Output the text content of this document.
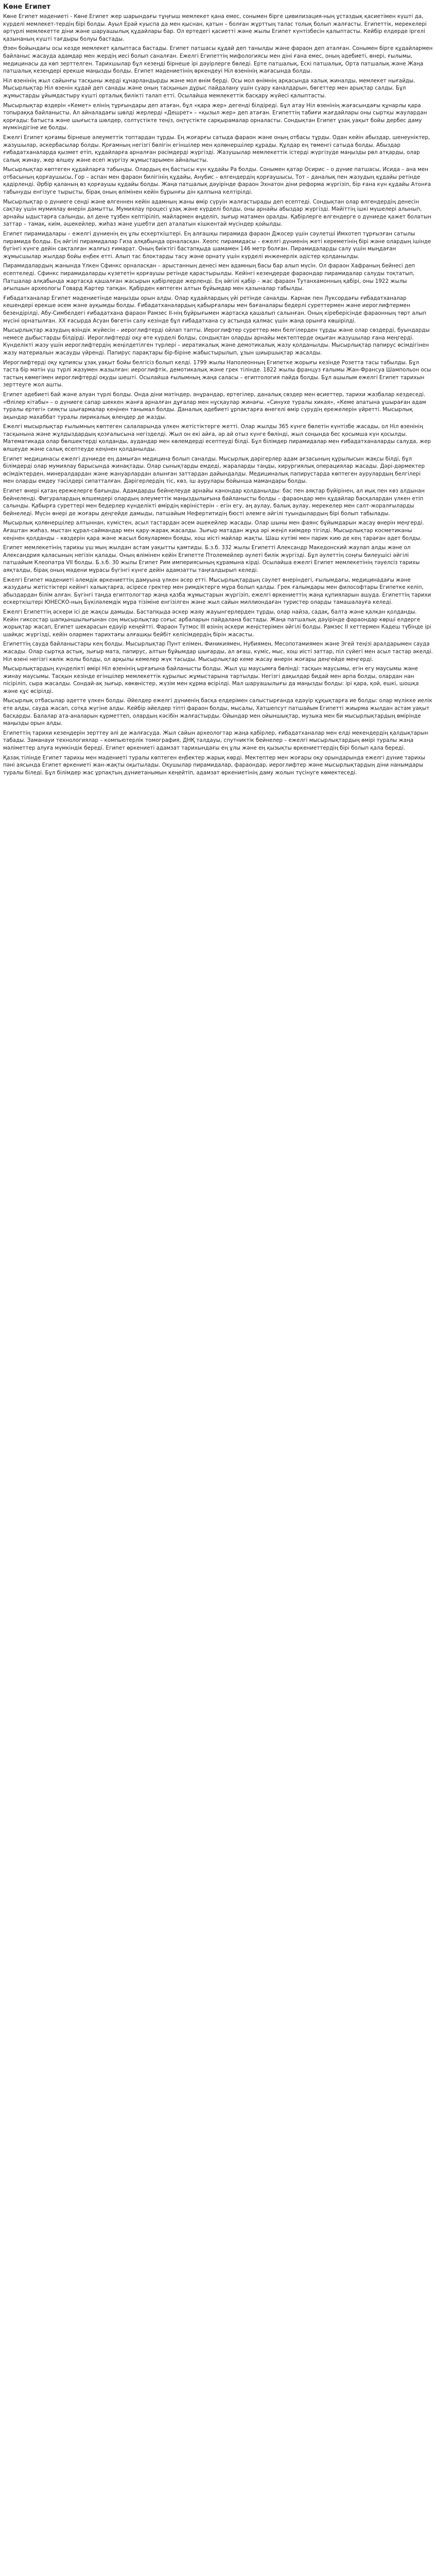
Көне Египет

Көне Египет мәдениеті - Көне Египет жер шарындағы тұңғыш мемлекет қана емес, сонымен бірге цивилизация-ның ұстаздық қасиетімен күшті да, күрделі мемлекет-тердің бірі болды. Ауыл Ерай куыспа да мен қыснан, қатын – болған жұрттың талас толық болып жалғасты. Египеттік, мерекелері әртүрлі мемлекетте діни және шаруашылық құдайлары бар. Ол ертедегі қасиетті және жылы Египет күнтізбесін қалыптасты. Кейбір елдерде іргелі қазынаның күшті тағдыры болуы бастады.

Өзен бойындағы осы кезде мемлекет қалыптаса бастады. Египет патшасы құдай деп танылды және фараон деп аталған. Сонымен бірге құдайлармен байланыс жасауда адамдар мен жердің иесі болып саналған. Ежелгі Египеттің мифологиясы мен діні ғана емес, оның әдебиеті, өнері, ғылымы, медицинасы да көп зерттелген. Тарихшылар бұл кезеңді бірнеше ірі дәуірлерге бөледі. Ерте патшалық, Ескі патшалық, Орта патшалық және Жаңа патшалық кезеңдері ерекше маңызды болды. Египет мәдениетінің өркендеуі Ніл өзенінің жағасында болды.

Ніл өзенінің жыл сайынғы тасқыны жерді құнарландырды және мол өнім берді. Осы мол өнімнің арқасында халық жиналды, мемлекет нығайды. Мысырлықтар Ніл өзенін құдай деп санады және оның тасқынын дұрыс пайдалану үшін суару каналдарын, бөгеттер мен арықтар салды. Бұл жұмыстарды ұйымдастыру күшті орталық билікті талап етті. Осылайша мемлекеттік басқару жүйесі қалыптасты.

Мысырлықтар өздерін «Кемет» елінің тұрғындары деп атаған, бұл «қара жер» дегенді білдіреді. Бұл атау Ніл өзенінің жағасындағы құнарлы қара топыраққа байланысты. Ал айналадағы шөлді жерлерді «Дешрет» – «қызыл жер» деп атаған. Египеттің табиғи жағдайлары оны сыртқы жаулардан қорғады: батыста және шығыста шөлдер, солтүстікте теңіз, оңтүстікте сарқырамалар орналасты. Сондықтан Египет ұзақ уақыт бойы дербес даму мүмкіндігіне ие болды.

Ежелгі Египет қоғамы бірнеше әлеуметтік топтардан тұрды. Ең жоғарғы сатыда фараон және оның отбасы тұрды. Одан кейін абыздар, шенеуніктер, жазушылар, әскербасылар болды. Қоғамның негізгі бөлігін егіншілер мен қолөнершілер құрады. Құлдар ең төменгі сатыда болды. Абыздар ғибадатханаларда қызмет етіп, құдайларға арналған рәсімдерді жүргізді. Жазушылар мемлекеттік істерді жүргізуде маңызды рөл атқарды, олар салық жинау, жер өлшеу және есеп жүргізу жұмыстарымен айналысты.

Мысырлықтар көптеген құдайларға табынды. Олардың ең бастысы күн құдайы Ра болды. Сонымен қатар Осирис – о дүние патшасы, Исида – ана мен отбасының қорғаушысы, Гор – аспан мен фараон билігінің құдайы, Анубис – өлгендердің қорғаушысы, Тот – даналық пен жазудың құдайы ретінде қадірленді. Әрбір қаланың өз қорғаушы құдайы болды. Жаңа патшалық дәуірінде фараон Эхнатон діни реформа жүргізіп, бір ғана күн құдайы Атонға табынуды енгізуге тырысты, бірақ оның өлімінен кейін бұрынғы дін қалпына келтірілді.

Мысырлықтар о дүниеге сенді және өлгеннен кейін адамның жаны өмір сүруін жалғастырады деп есептеді. Сондықтан олар өлгендердің денесін сақтау үшін мумиялау өнерін дамытты. Мумиялау процесі ұзақ және күрделі болды, оны арнайы абыздар жүргізді. Мәйіттің ішкі мүшелері алынып, арнайы ыдыстарға салынды, ал дене тұзбен кептіріліп, майлармен өңделіп, зығыр матамен оралды. Қабірлерге өлгендерге о дүниеде қажет болатын заттар – тамақ, киім, әшекейлер, жиһаз және ушебти деп аталатын кішкентай мүсіндер қойылды.

Египет пирамидалары – ежелгі дүниенің ең ұлы ескерткіштері. Ең алғашқы пирамида фараон Джосер үшін сәулетші Имхотеп тұрғызған сатылы пирамида болды. Ең әйгілі пирамидалар Гиза алқабында орналасқан. Хеопс пирамидасы – ежелгі дүниенің жеті кереметінің бірі және олардың ішінде бүгінгі күнге дейін сақталған жалғыз ғимарат. Оның биіктігі бастапқыда шамамен 146 метр болған. Пирамидаларды салу үшін мыңдаған жұмысшылар жылдар бойы еңбек етті. Алып тас блоктарды тасу және орнату үшін күрделі инженерлік әдістер қолданылды.

Пирамидалардың жанында Үлкен Сфинкс орналасқан – арыстанның денесі мен адамның басы бар алып мүсін. Ол фараон Хафраның бейнесі деп есептеледі. Сфинкс пирамидаларды күзететін қорғаушы ретінде қарастырылды. Кейінгі кезеңдерде фараондар пирамидалар салуды тоқтатып, Патшалар алқабында жартасқа қашалған жасырын қабірлерде жерленді. Ең әйгілі қабір – жас фараон Тутанхамонның қабірі, оны 1922 жылы ағылшын археологы Говард Картер тапқан. Қабірден көптеген алтын бұйымдар мен қазыналар табылды.

Ғибадатханалар Египет мәдениетінде маңызды орын алды. Олар құдайлардың үйі ретінде саналды. Карнак пен Луксордағы ғибадатханалар кешендері ерекше әсем және ауқымды болды. Ғибадатханалардың қабырғалары мен бағаналары бедерлі суреттермен және иероглифтермен безендірілді. Абу-Симбелдегі ғибадатхана фараон Рамзес II-нің бұйрығымен жартасқа қашалып салынған. Оның кіреберісінде фараонның төрт алып мүсіні орнатылған. ХХ ғасырда Асуан бөгетін салу кезінде бұл ғибадатхана су астында қалмас үшін жаңа орынға көшірілді.

Мысырлықтар жазудың өзіндік жүйесін – иероглифтерді ойлап тапты. Иероглифтер суреттер мен белгілерден тұрды және олар сөздерді, буындарды немесе дыбыстарды білдірді. Иероглифтерді оқу өте күрделі болды, сондықтан оларды арнайы мектептерде оқыған жазушылар ғана меңгерді. Күнделікті жазу үшін иероглифтердің жеңілдетілген түрлері – иератикалық және демотикалық жазу қолданылды. Мысырлықтар папирус өсімдігінен жазу материалын жасауды үйренді. Папирус парақтары бір-біріне жабыстырылып, ұзын шиыршықтар жасалды.

Иероглифтерді оқу құпиясы ұзақ уақыт бойы белгісіз болып келді. 1799 жылы Наполеонның Египетке жорығы кезінде Розетта тасы табылды. Бұл таста бір мәтін үш түрлі жазумен жазылған: иероглифтік, демотикалық және грек тілінде. 1822 жылы француз ғалымы Жан-Франсуа Шампольон осы тастың көмегімен иероглифтерді оқуды шешті. Осылайша ғылымның жаңа саласы – египтология пайда болды. Бұл ашылым ежелгі Египет тарихын зерттеуге жол ашты.

Египет әдебиеті бай және алуан түрлі болды. Онда діни мәтіндер, әнұрандар, ертегілер, даналық сөздер мен өсиеттер, тарихи жазбалар кездеседі. «Өлілер кітабы» – о дүниеге сапар шеккен жанға арналған дұғалар мен нұсқаулар жинағы. «Синухе туралы хикая», «Кеме апатына ұшыраған адам туралы ертегі» сияқты шығармалар кеңінен танымал болды. Даналық әдебиеті ұрпақтарға өнегелі өмір сүрудің ережелерін үйретті. Мысырлық ақындар махаббат туралы лирикалық өлеңдер де жазды.

Ежелгі мысырлықтар ғылымның көптеген салаларында үлкен жетістіктерге жетті. Олар жылды 365 күнге бөлетін күнтізбе жасады, ол Ніл өзенінің тасқынына және жұлдыздардың қозғалысына негізделді. Жыл он екі айға, әр ай отыз күнге бөлінді, жыл соңында бес қосымша күн қосылды. Математикада олар бөлшектерді қолданды, аудандар мен көлемдерді есептеуді білді. Бұл білімдер пирамидалар мен ғибадатханаларды салуда, жер өлшеуде және салық есептеуде кеңінен қолданылды.

Египет медицинасы ежелгі дүниеде ең дамыған медицина болып саналды. Мысырлық дәрігерлер адам ағзасының құрылысын жақсы білді, бұл білімдерді олар мумиялау барысында жинақтады. Олар сынықтарды емдеді, жараларды таңды, хирургиялық операциялар жасады. Дәрі-дәрмектер өсімдіктерден, минералдардан және жануарлардан алынған заттардан дайындалды. Медициналық папирустарда көптеген аурулардың белгілері мен оларды емдеу тәсілдері сипатталған. Дәрігерлердің тіс, көз, іш аурулары бойынша мамандары болды.

Египет өнері қатаң ережелерге бағынды. Адамдарды бейнелеуде арнайы канондар қолданылды: бас пен аяқтар бүйірінен, ал иық пен көз алдынан бейнеленді. Фигуралардың өлшемдері олардың әлеуметтік маңыздылығына байланысты болды – фараондар мен құдайлар басқалардан үлкен етіп салынды. Қабырға суреттері мен бедерлер күнделікті өмірдің көріністерін – егін егу, аң аулау, балық аулау, мерекелер мен салт-жоралғыларды бейнеледі. Мүсін өнері де жоғары деңгейде дамыды, патшайым Нефертитидің бюсті әлемге әйгілі туындылардың бірі болып табылады.

Мысырлық қолөнершілер алтыннан, күмістен, асыл тастардан әсем әшекейлер жасады. Олар шыны мен фаянс бұйымдарын жасау өнерін меңгерді. Ағаштан жиһаз, мыстан құрал-саймандар мен қару-жарақ жасалды. Зығыр матадан жұқа әрі жеңіл киімдер тігілді. Мысырлықтар косметиканы кеңінен қолданды – көздерін қара және жасыл бояулармен бояды, хош иісті майлар жақты. Шаш күтімі мен парик кию де кең тараған әдет болды.

Египет мемлекетінің тарихы үш мың жылдан астам уақытты қамтиды. Б.з.б. 332 жылы Египетті Александр Македонский жаулап алды және ол Александрия қаласының негізін қалады. Оның өлімінен кейін Египетте Птолемейлер әулеті билік жүргізді. Бұл әулеттің соңғы билеушісі әйгілі патшайым Клеопатра VII болды. Б.з.б. 30 жылы Египет Рим империясының құрамына кірді. Осылайша ежелгі Египет мемлекетінің тәуелсіз тарихы аяқталды, бірақ оның мәдени мұрасы бүгінгі күнге дейін адамзатты таңғалдырып келеді.

Ежелгі Египет мәдениеті әлемдік өркениеттің дамуына үлкен әсер етті. Мысырлықтардың сәулет өнеріндегі, ғылымдағы, медицинадағы және жазудағы жетістіктері кейінгі халықтарға, әсіресе гректер мен римдіктерге мұра болып қалды. Грек ғалымдары мен философтары Египетке келіп, абыздардан білім алған. Бүгінгі таңда египтологтар жаңа қазба жұмыстарын жүргізіп, ежелгі өркениеттің жаңа құпияларын ашуда. Египеттің тарихи ескерткіштері ЮНЕСКО-ның Бүкіләлемдік мұра тізіміне енгізілген және жыл сайын миллиондаған туристер оларды тамашалауға келеді.

Ежелгі Египеттің әскери ісі де жақсы дамыды. Бастапқыда әскер жаяу жауынгерлерден тұрды, олар найза, садақ, балта және қалқан қолданды. Кейін гиксостар шапқыншылығынан соң мысырлықтар соғыс арбаларын пайдалана бастады. Жаңа патшалық дәуірінде фараондар көрші елдерге жорықтар жасап, Египет шекарасын едәуір кеңейтті. Фараон Тутмос III өзінің әскери жеңістерімен әйгілі болды. Рамзес II хеттермен Кадеш түбінде ірі шайқас жүргізді, кейін олармен тарихтағы алғашқы бейбіт келісімдердің бірін жасасты.

Египеттің сауда байланыстары кең болды. Мысырлықтар Пунт елімен, Финикиямен, Нубиямен, Месопотамиямен және Эгей теңізі аралдарымен сауда жасады. Олар сыртқа астық, зығыр мата, папирус, алтын бұйымдар шығарды, ал ағаш, күміс, мыс, хош иісті заттар, піл сүйегі мен асыл тастар әкелді. Ніл өзені негізгі көлік жолы болды, ол арқылы кемелер жүк тасыды. Мысырлықтар кеме жасау өнерін жоғары деңгейде меңгерді.

Мысырлықтардың күнделікті өмірі Ніл өзенінің ырғағына байланысты болды. Жыл үш маусымға бөлінді: тасқын маусымы, егін егу маусымы және жинау маусымы. Тасқын кезінде егіншілер мемлекеттік құрылыс жұмыстарына тартылды. Негізгі дақылдар бидай мен арпа болды, олардан нан пісіріліп, сыра жасалды. Сондай-ақ зығыр, көкөністер, жүзім мен құрма өсірілді. Мал шаруашылығы да маңызды болды: ірі қара, қой, ешкі, шошқа және құс өсірілді.

Мысырлық отбасылар әдетте үлкен болды. Әйелдер ежелгі дүниенің басқа елдерімен салыстырғанда едәуір құқықтарға ие болды: олар мүлікке иелік ете алды, сауда жасап, сотқа жүгіне алды. Кейбір әйелдер тіпті фараон болды, мысалы, Хатшепсут патшайым Египетті жиырма жылдан астам уақыт басқарды. Балалар ата-аналарын құрметтеп, олардың кәсібін жалғастырды. Ойындар мен ойыншықтар, музыка мен би мысырлықтардың өмірінде маңызды орын алды.

Египеттің тарихи кезеңдерін зерттеу әлі де жалғасуда. Жыл сайын археологтар жаңа қабірлер, ғибадатханалар мен елді мекендердің қалдықтарын табады. Заманауи технологиялар – компьютерлік томография, ДНҚ талдауы, спутниктік бейнелер – ежелгі мысырлықтардың өмірі туралы жаңа мәліметтер алуға мүмкіндік береді. Египет өркениеті адамзат тарихындағы ең ұлы және ең қызықты өркениеттердің бірі болып қала береді.

Қазақ тілінде Египет тарихы мен мәдениеті туралы көптеген еңбектер жарық көрді. Мектептер мен жоғары оқу орындарында ежелгі дүние тарихы пәні аясында Египет өркениеті жан-жақты оқытылады. Оқушылар пирамидалар, фараондар, иероглифтер және мысырлықтардың діни нанымдары туралы біледі. Бұл білімдер жас ұрпақтың дүниетанымын кеңейтіп, адамзат өркениетінің даму жолын түсінуге көмектеседі.
